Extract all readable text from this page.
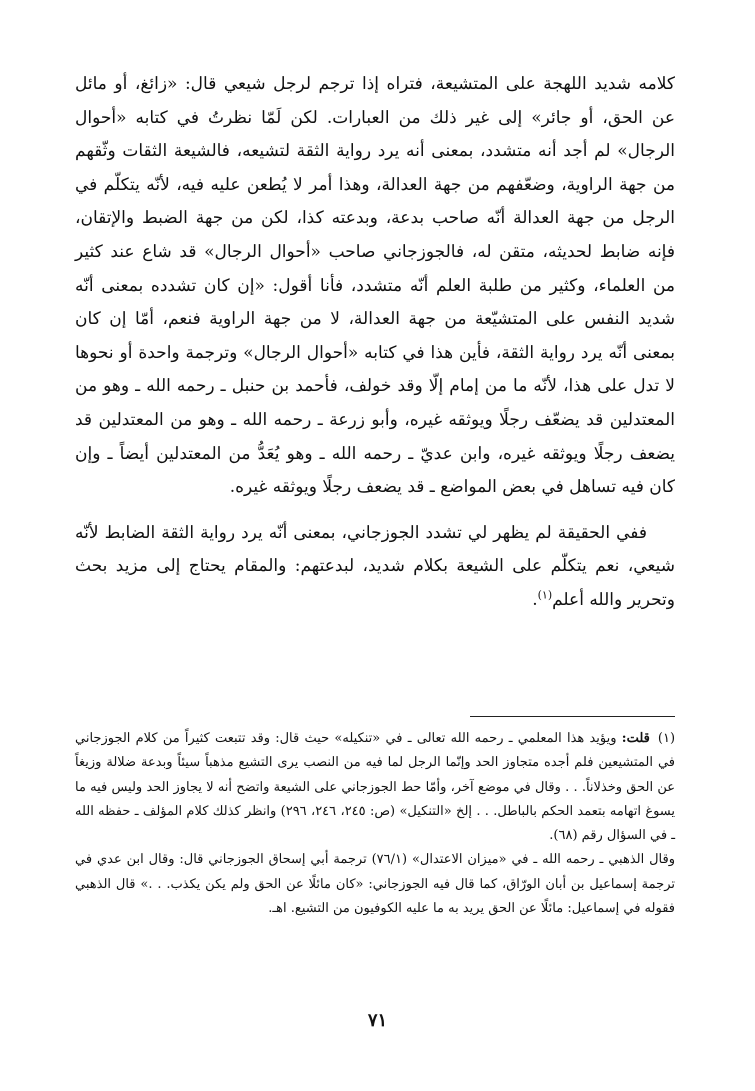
كلامه شديد اللهجة على المتشيعة، فتراه إذا ترجم لرجل شيعي قال: «زائغ، أو مائل عن الحق، أو جائر» إلى غير ذلك من العبارات. لكن لَمّا نظرتُ في كتابه «أحوال الرجال» لم أجد أنه متشدد، بمعنى أنه يرد رواية الثقة لتشيعه، فالشيعة الثقات وثّقهم من جهة الراوية، وضعّفهم من جهة العدالة، وهذا أمر لا يُطعن عليه فيه، لأنّه يتكلّم في الرجل من جهة العدالة أنّه صاحب بدعة، وبدعته كذا، لكن من جهة الضبط والإتقان، فإنه ضابط لحديثه، متقن له، فالجوزجاني صاحب «أحوال الرجال» قد شاع عند كثير من العلماء، وكثير من طلبة العلم أنّه متشدد، فأنا أقول: «إن كان تشدده بمعنى أنّه شديد النفس على المتشيّعة من جهة العدالة، لا من جهة الراوية فنعم، أمّا إن كان بمعنى أنّه يرد رواية الثقة، فأين هذا في كتابه «أحوال الرجال» وترجمة واحدة أو نحوها لا تدل على هذا، لأنّه ما من إمام إلّا وقد خولف، فأحمد بن حنبل ـ رحمه الله ـ وهو من المعتدلين قد يضعّف رجلًا ويوثقه غيره، وأبو زرعة ـ رحمه الله ـ وهو من المعتدلين قد يضعف رجلًا ويوثقه غيره، وابن عديّ ـ رحمه الله ـ وهو يُعَدُّ من المعتدلين أيضاً ـ وإن كان فيه تساهل في بعض المواضع ـ قد يضعف رجلًا ويوثقه غيره.

ففي الحقيقة لم يظهر لي تشدد الجوزجاني، بمعنى أنّه يرد رواية الثقة الضابط لأنّه شيعي، نعم يتكلّم على الشيعة بكلام شديد، لبدعتهم: والمقام يحتاج إلى مزيد بحث وتحرير والله أعلم$^{(١)}$.

(١)قلت: ويؤيد هذا المعلمي ـ رحمه الله تعالى ـ في «تنكيله» حيث قال: وقد تتبعت كثيراً من كلام الجوزجاني في المتشيعين فلم أجده متجاوز الحد وإنّما الرجل لما فيه من النصب يرى التشيع مذهباً سيئاً وبدعة ضلالة وزيغاً عن الحق وخذلاناً. . . وقال في موضع آخر، وأمّا حط الجوزجاني على الشيعة واتضح أنه لا يجاوز الحد وليس فيه ما يسوغ اتهامه بتعمد الحكم بالباطل. . . إلخ «التنكيل» (ص: ٢٤٥، ٢٤٦، ٢٩٦) وانظر كذلك كلام المؤلف ـ حفظه الله ـ في السؤال رقم (٦٨).

وقال الذهبي ـ رحمه الله ـ في «ميزان الاعتدال» (٧٦/١) ترجمة أبي إسحاق الجوزجاني قال: وقال ابن عدي في ترجمة إسماعيل بن أبان الورّاق، كما قال فيه الجوزجاني: «كان مائلًا عن الحق ولم يكن يكذب. . .» قال الذهبي فقوله في إسماعيل: مائلًا عن الحق يريد به ما عليه الكوفيون من التشيع. اهـ.

٧١
